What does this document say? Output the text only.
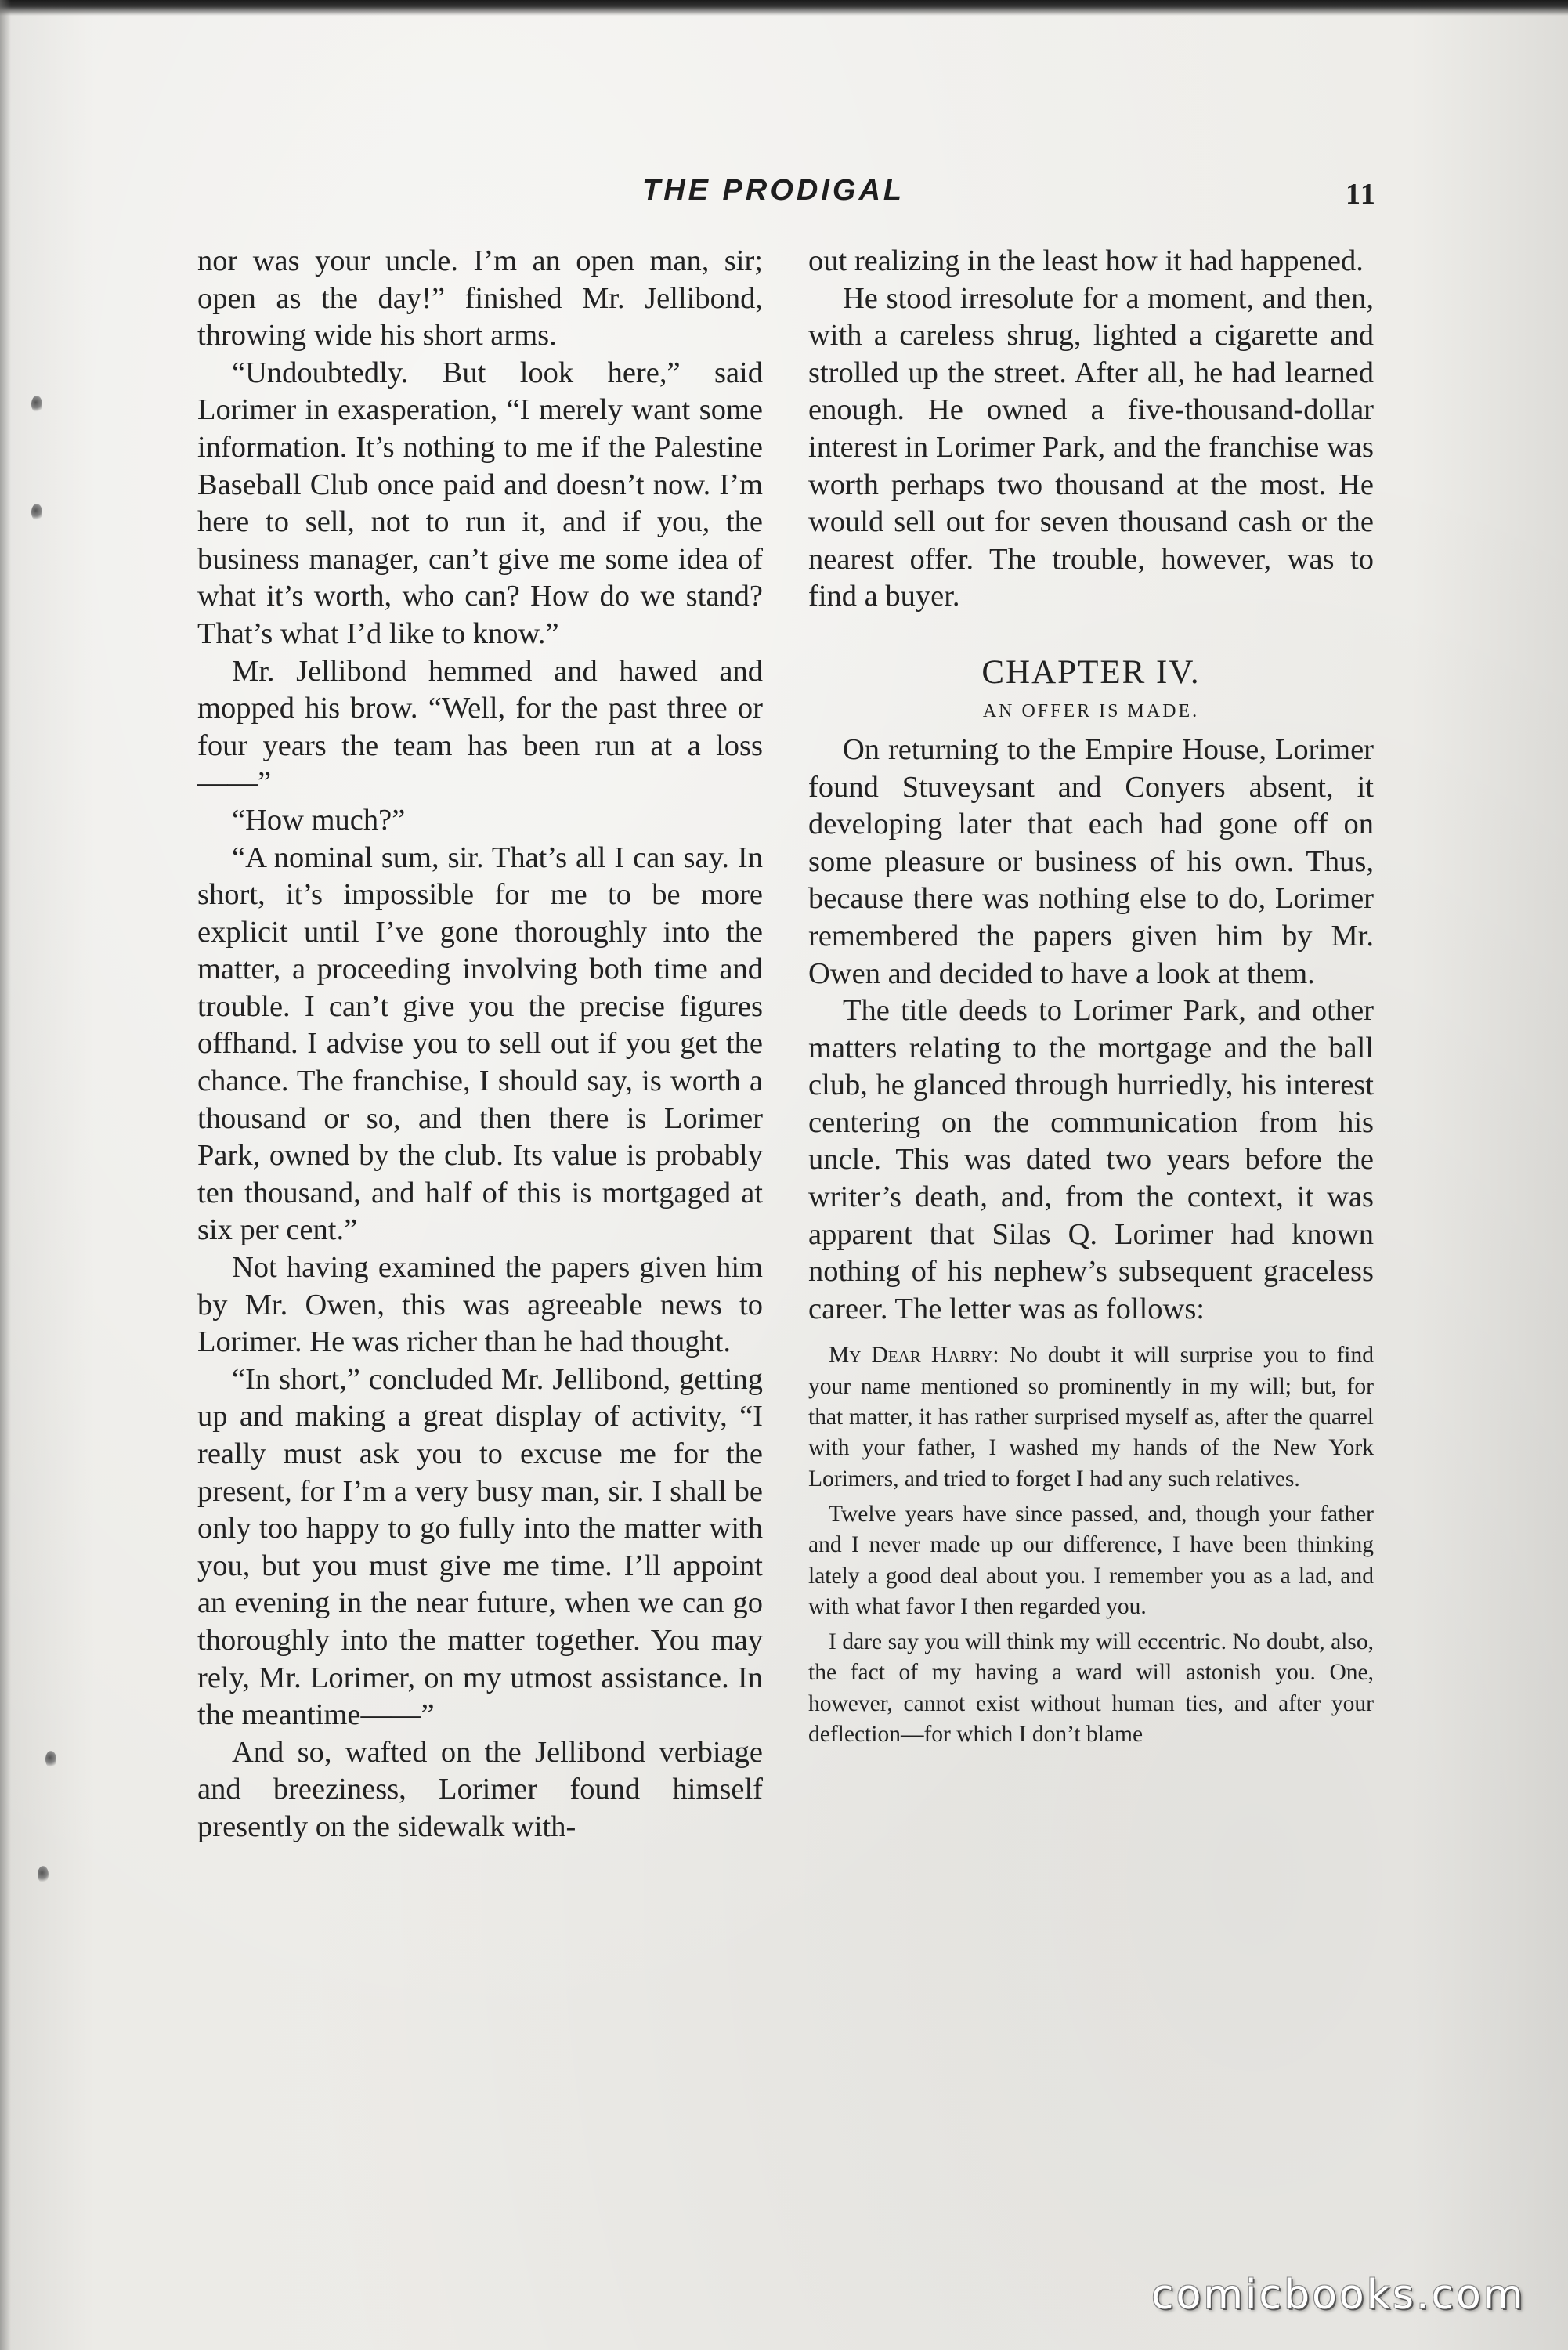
THE PRODIGAL	11

nor was your uncle. I’m an open man, sir; open as the day!” finished Mr. Jellibond, throwing wide his short arms.

“Undoubtedly. But look here,” said Lorimer in exasperation, “I merely want some information. It’s nothing to me if the Palestine Baseball Club once paid and doesn’t now. I’m here to sell, not to run it, and if you, the business manager, can’t give me some idea of what it’s worth, who can? How do we stand? That’s what I’d like to know.”

Mr. Jellibond hemmed and hawed and mopped his brow. “Well, for the past three or four years the team has been run at a loss——”

“How much?”

“A nominal sum, sir. That’s all I can say. In short, it’s impossible for me to be more explicit until I’ve gone thoroughly into the matter, a proceeding involving both time and trouble. I can’t give you the precise figures offhand. I advise you to sell out if you get the chance. The franchise, I should say, is worth a thousand or so, and then there is Lorimer Park, owned by the club. Its value is probably ten thousand, and half of this is mortgaged at six per cent.”

Not having examined the papers given him by Mr. Owen, this was agreeable news to Lorimer. He was richer than he had thought.

“In short,” concluded Mr. Jellibond, getting up and making a great display of activity, “I really must ask you to excuse me for the present, for I’m a very busy man, sir. I shall be only too happy to go fully into the matter with you, but you must give me time. I’ll appoint an evening in the near future, when we can go thoroughly into the matter together. You may rely, Mr. Lorimer, on my utmost assistance. In the meantime——”

And so, wafted on the Jellibond verbiage and breeziness, Lorimer found himself presently on the sidewalk with-

out realizing in the least how it had happened.

He stood irresolute for a moment, and then, with a careless shrug, lighted a cigarette and strolled up the street. After all, he had learned enough. He owned a five-thousand-dollar interest in Lorimer Park, and the franchise was worth perhaps two thousand at the most. He would sell out for seven thousand cash or the nearest offer. The trouble, however, was to find a buyer.

CHAPTER IV.
AN OFFER IS MADE.

On returning to the Empire House, Lorimer found Stuveysant and Conyers absent, it developing later that each had gone off on some pleasure or business of his own. Thus, because there was nothing else to do, Lorimer remembered the papers given him by Mr. Owen and decided to have a look at them.

The title deeds to Lorimer Park, and other matters relating to the mortgage and the ball club, he glanced through hurriedly, his interest centering on the communication from his uncle. This was dated two years before the writer’s death, and, from the context, it was apparent that Silas Q. Lorimer had known nothing of his nephew’s subsequent graceless career. The letter was as follows:

My Dear Harry: No doubt it will surprise you to find your name mentioned so prominently in my will; but, for that matter, it has rather surprised myself as, after the quarrel with your father, I washed my hands of the New York Lorimers, and tried to forget I had any such relatives.

Twelve years have since passed, and, though your father and I never made up our difference, I have been thinking lately a good deal about you. I remember you as a lad, and with what favor I then regarded you.

I dare say you will think my will eccentric. No doubt, also, the fact of my having a ward will astonish you. One, however, cannot exist without human ties, and after your deflection—for which I don’t blame

comicbooks.com
